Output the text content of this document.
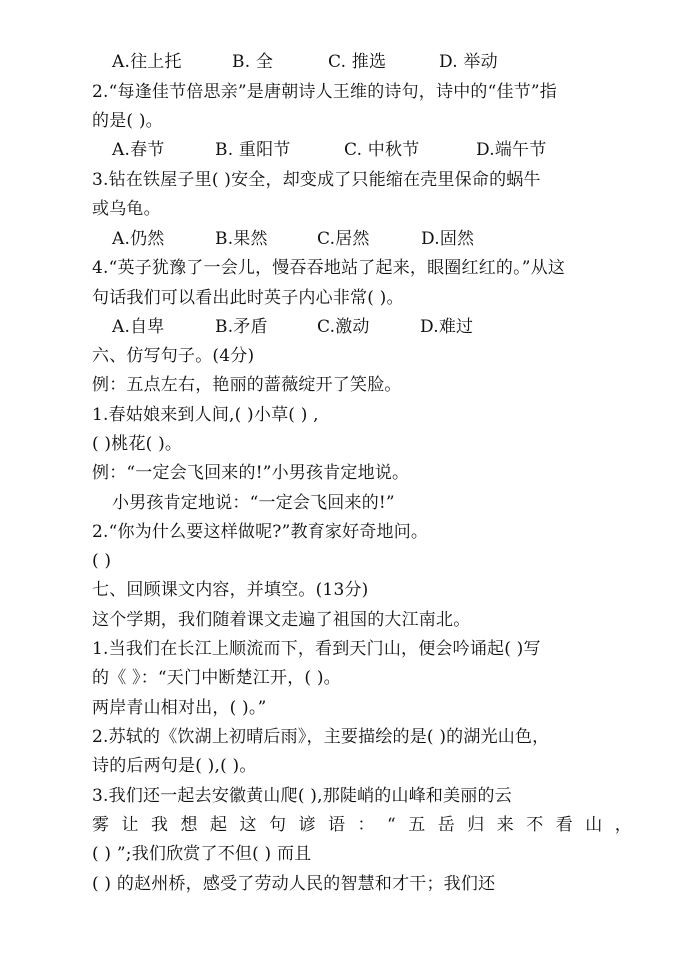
A.往上托	B. 全	C. 推选	D. 举动
2.“每逢佳节倍思亲”是唐朝诗人王维的诗句，诗中的“佳节”指
的是( )。
A.春节	B. 重阳节	C. 中秋节	D.端午节
3.钻在铁屋子里( )安全，却变成了只能缩在壳里保命的蜗牛
或乌龟。
A.仍然	B.果然	C.居然	D.固然
4.“英子犹豫了一会儿，慢吞吞地站了起来，眼圈红红的。”从这
句话我们可以看出此时英子内心非常( )。
A.自卑	B.矛盾	C.激动	D.难过
六、仿写句子。(4分)
例：五点左右，艳丽的蔷薇绽开了笑脸。
1.春姑娘来到人间,( )小草( ) ,
( )桃花( )。
例：“一定会飞回来的!”小男孩肯定地说。
小男孩肯定地说：“一定会飞回来的!”
2.“你为什么要这样做呢?”教育家好奇地问。
( )
七、回顾课文内容，并填空。(13分)
这个学期，我们随着课文走遍了祖国的大江南北。
1.当我们在长江上顺流而下，看到天门山，便会吟诵起( )写
的《 》：“天门中断楚江开，( )。
两岸青山相对出，( )。”
2.苏轼的《饮湖上初晴后雨》，主要描绘的是( )的湖光山色，
诗的后两句是( ),( )。
3.我们还一起去安徽黄山爬( ),那陡峭的山峰和美丽的云
雾 让 我 想 起 这 句 谚 语 ： “ 五 岳 归 来 不 看 山 ，
( ) ”;我们欣赏了不但( ) 而且
( ) 的赵州桥，感受了劳动人民的智慧和才干；我们还
